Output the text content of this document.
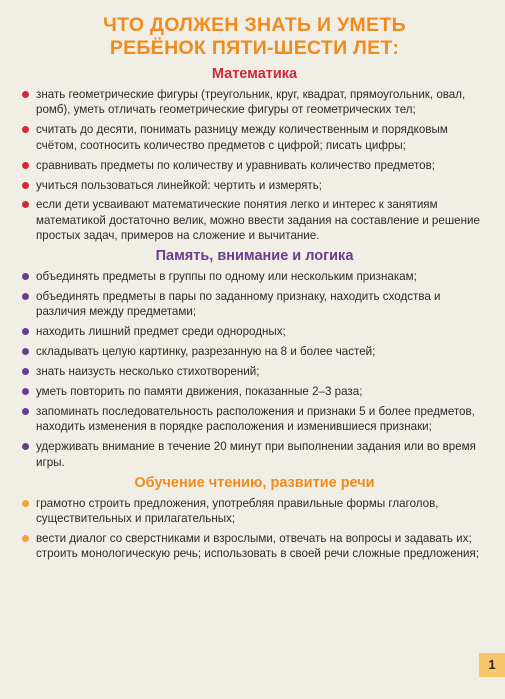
ЧТО ДОЛЖЕН ЗНАТЬ И УМЕТЬ
РЕБЁНОК ПЯТИ-ШЕСТИ ЛЕТ:
Математика
знать геометрические фигуры (треугольник, круг, квадрат, прямоугольник, овал, ромб), уметь отличать геометрические фигуры от геометрических тел;
считать до десяти, понимать разницу между количественным и порядковым счётом, соотносить количество предметов с цифрой; писать цифры;
сравнивать предметы по количеству и уравнивать количество предметов;
учиться пользоваться линейкой: чертить и измерять;
если дети усваивают математические понятия легко и интерес к занятиям математикой достаточно велик, можно ввести задания на составление и решение простых задач, примеров на сложение и вычитание.
Память, внимание и логика
объединять предметы в группы по одному или нескольким признакам;
объединять предметы в пары по заданному признаку, находить сходства и различия между предметами;
находить лишний предмет среди однородных;
складывать целую картинку, разрезанную на 8 и более частей;
знать наизусть несколько стихотворений;
уметь повторить по памяти движения, показанные 2–3 раза;
запоминать последовательность расположения и признаки 5 и более предметов, находить изменения в порядке расположения и изменившиеся признаки;
удерживать внимание в течение 20 минут при выполнении задания или во время игры.
Обучение чтению, развитие речи
грамотно строить предложения, употребляя правильные формы глаголов, существительных и прилагательных;
вести диалог со сверстниками и взрослыми, отвечать на вопросы и задавать их; строить монологическую речь; использовать в своей речи сложные предложения;
1
